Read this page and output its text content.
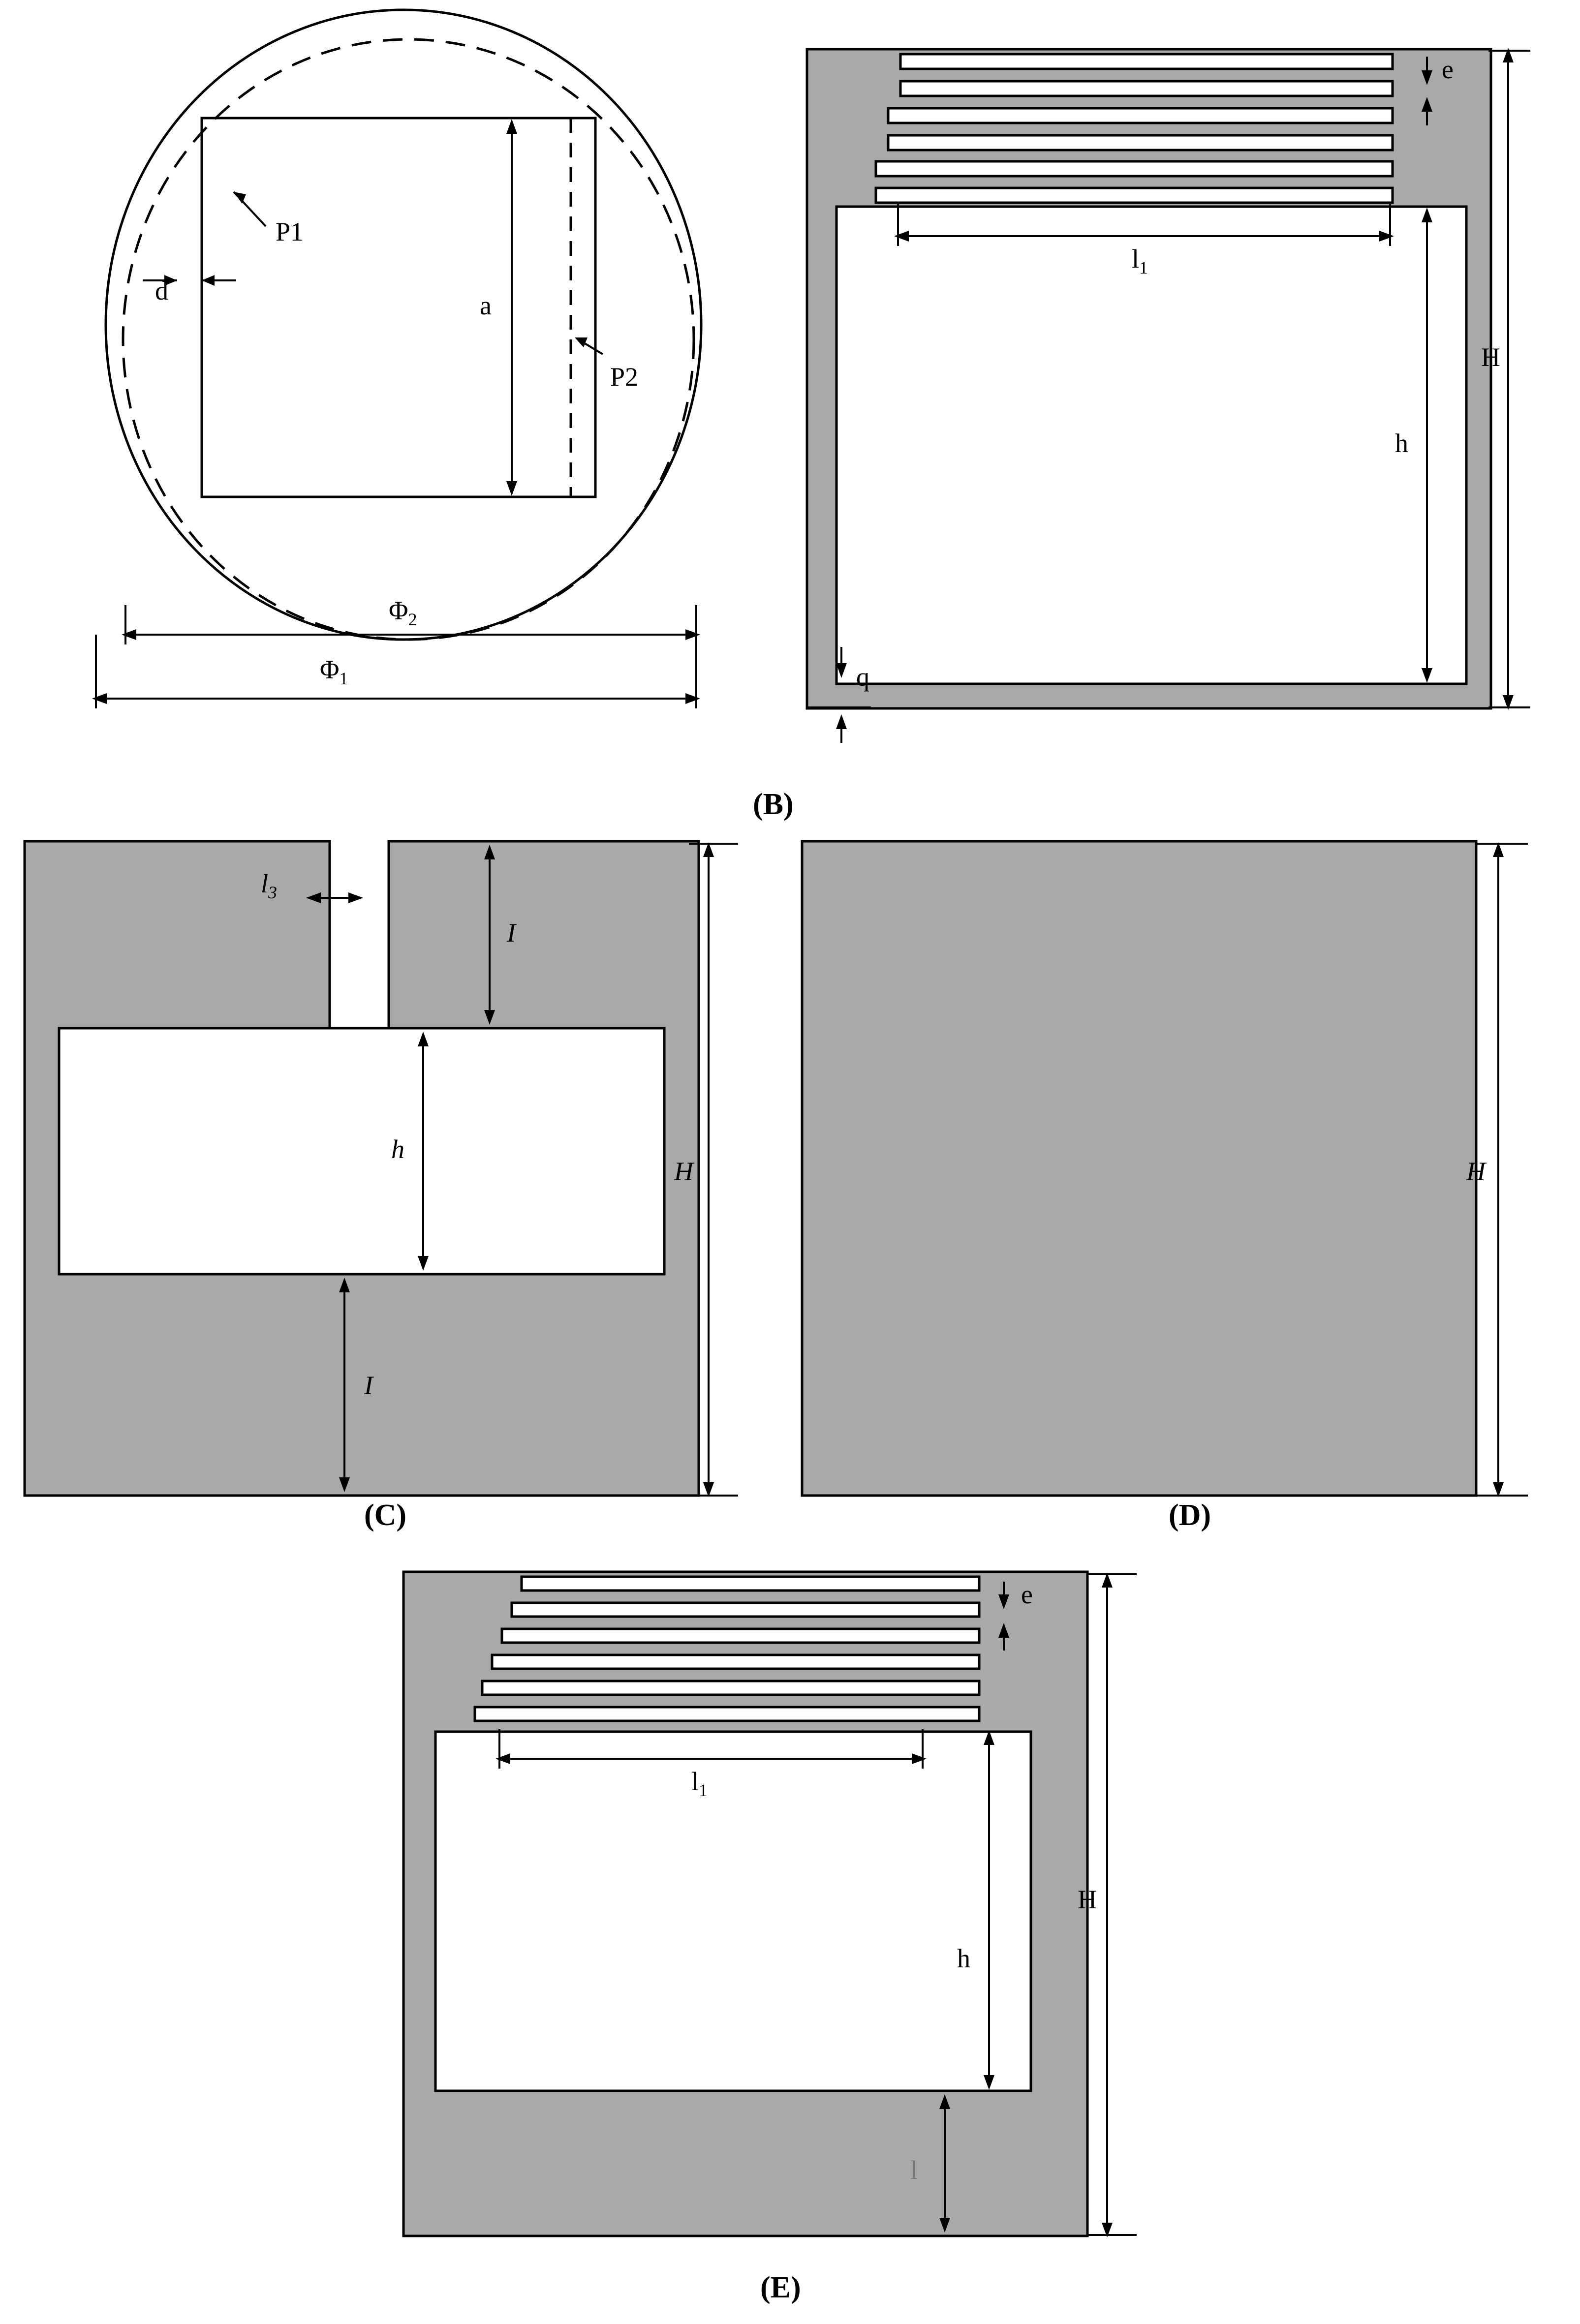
P1
P2
d	a
$\Phi_2$
$\Phi_1$
e
$l_1$
h
H
q
(B)
$l_3$
I
h
I
H
(C)
H
(D)
e
$l_1$
h
H
l
(E)
